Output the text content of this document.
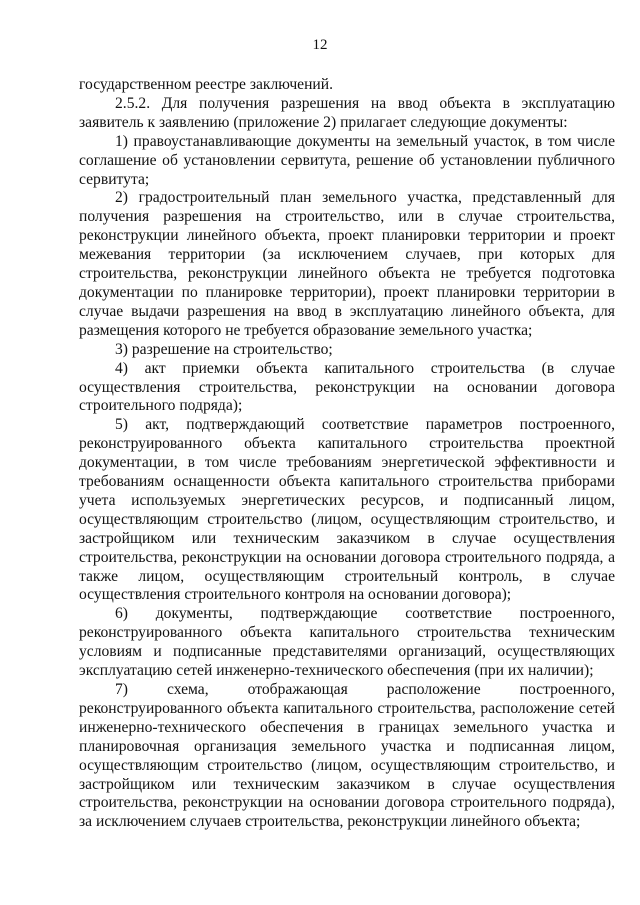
12

государственном реестре заключений.

2.5.2. Для получения разрешения на ввод объекта в эксплуатацию заявитель к заявлению (приложение 2) прилагает следующие документы:

1) правоустанавливающие документы на земельный участок, в том числе соглашение об установлении сервитута, решение об установлении публичного сервитута;

2) градостроительный план земельного участка, представленный для получения разрешения на строительство, или в случае строительства, реконструкции линейного объекта, проект планировки территории и проект межевания территории (за исключением случаев, при которых для строительства, реконструкции линейного объекта не требуется подготовка документации по планировке территории), проект планировки территории в случае выдачи разрешения на ввод в эксплуатацию линейного объекта, для размещения которого не требуется образование земельного участка;

3) разрешение на строительство;

4) акт приемки объекта капитального строительства (в случае осуществления строительства, реконструкции на основании договора строительного подряда);

5) акт, подтверждающий соответствие параметров построенного, реконструированного объекта капитального строительства проектной документации, в том числе требованиям энергетической эффективности и требованиям оснащенности объекта капитального строительства приборами учета используемых энергетических ресурсов, и подписанный лицом, осуществляющим строительство (лицом, осуществляющим строительство, и застройщиком или техническим заказчиком в случае осуществления строительства, реконструкции на основании договора строительного подряда, а также лицом, осуществляющим строительный контроль, в случае осуществления строительного контроля на основании договора);

6) документы, подтверждающие соответствие построенного, реконструированного объекта капитального строительства техническим условиям и подписанные представителями организаций, осуществляющих эксплуатацию сетей инженерно-технического обеспечения (при их наличии);

7) схема, отображающая расположение построенного, реконструированного объекта капитального строительства, расположение сетей инженерно-технического обеспечения в границах земельного участка и планировочная организация земельного участка и подписанная лицом, осуществляющим строительство (лицом, осуществляющим строительство, и застройщиком или техническим заказчиком в случае осуществления строительства, реконструкции на основании договора строительного подряда), за исключением случаев строительства, реконструкции линейного объекта;
